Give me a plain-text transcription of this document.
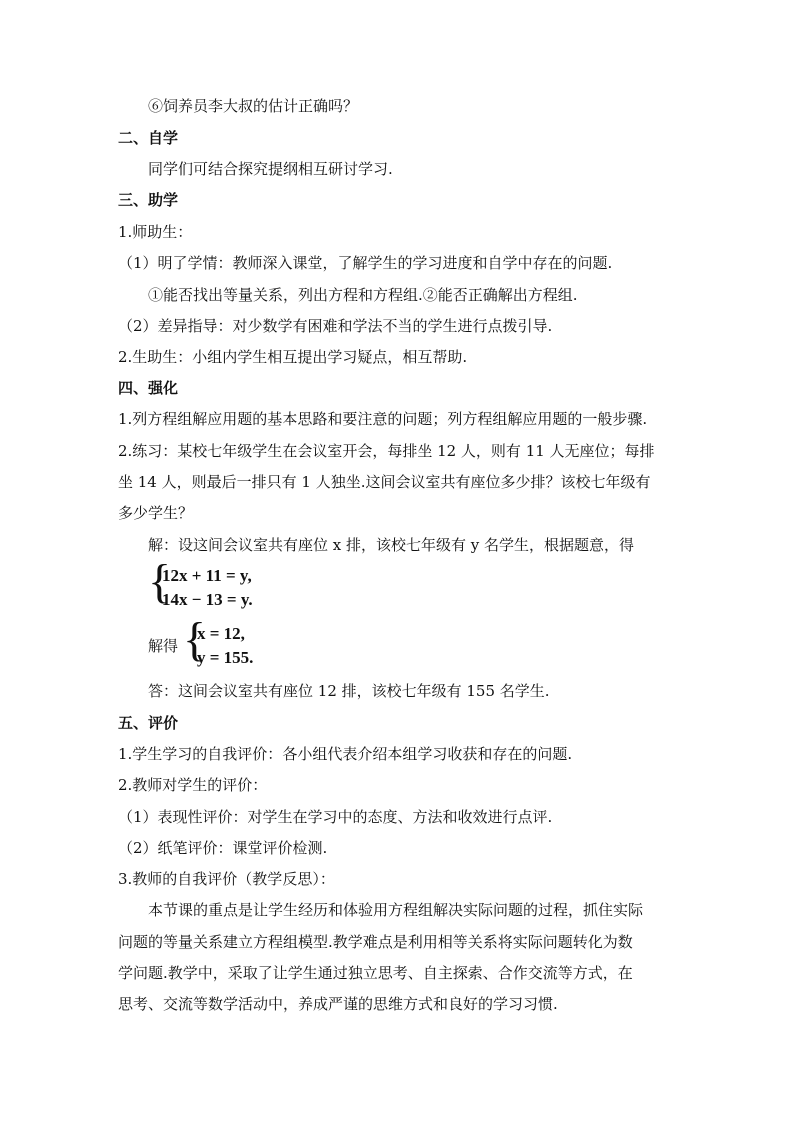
⑥饲养员李大叔的估计正确吗？
二、自学
同学们可结合探究提纲相互研讨学习.
三、助学
1.师助生：
（1）明了学情：教师深入课堂，了解学生的学习进度和自学中存在的问题.
①能否找出等量关系，列出方程和方程组.②能否正确解出方程组.
（2）差异指导：对少数学有困难和学法不当的学生进行点拨引导.
2.生助生：小组内学生相互提出学习疑点，相互帮助.
四、强化
1.列方程组解应用题的基本思路和要注意的问题；列方程组解应用题的一般步骤.
2.练习：某校七年级学生在会议室开会，每排坐 12 人，则有 11 人无座位；每排
坐 14 人，则最后一排只有 1 人独坐.这间会议室共有座位多少排？该校七年级有
多少学生？
解：设这间会议室共有座位 x 排，该校七年级有 y 名学生，根据题意，得
{
12x + 11 = y,
14x − 13 = y.
解得 {
x = 12,
y = 155.
答：这间会议室共有座位 12 排，该校七年级有 155 名学生.
五、评价
1.学生学习的自我评价：各小组代表介绍本组学习收获和存在的问题.
2.教师对学生的评价：
（1）表现性评价：对学生在学习中的态度、方法和收效进行点评.
（2）纸笔评价：课堂评价检测.
3.教师的自我评价（教学反思）：
本节课的重点是让学生经历和体验用方程组解决实际问题的过程，抓住实际
问题的等量关系建立方程组模型.教学难点是利用相等关系将实际问题转化为数
学问题.教学中，采取了让学生通过独立思考、自主探索、合作交流等方式，在
思考、交流等数学活动中，养成严谨的思维方式和良好的学习习惯.
